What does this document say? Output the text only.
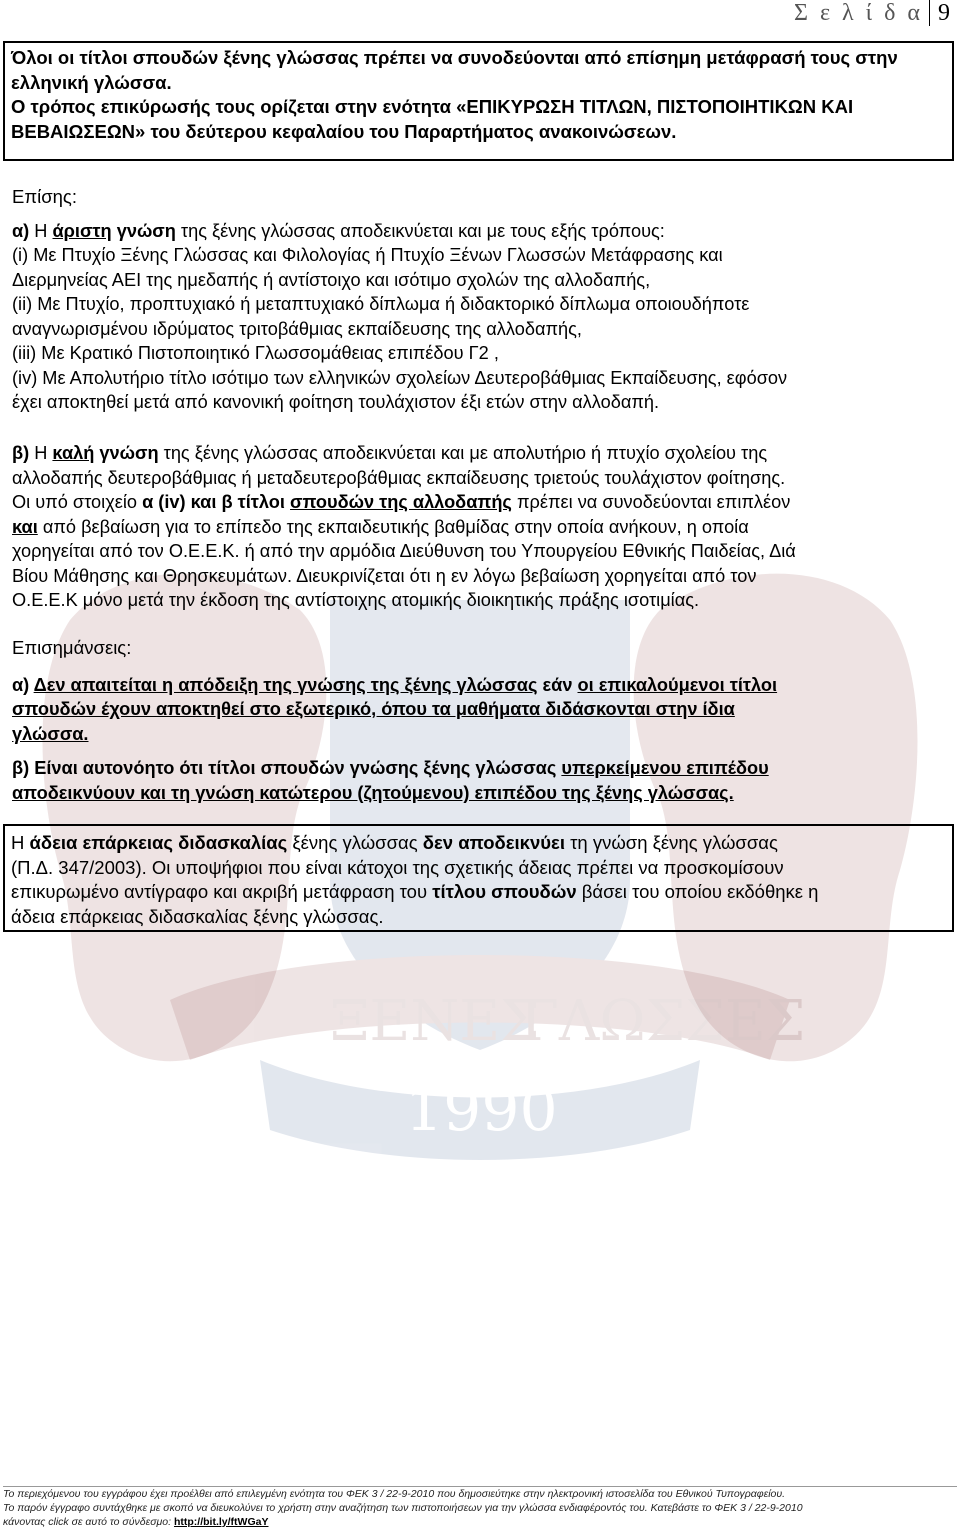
ΞΕΝΕΣ
ΓΛΩΣΣΕΣ
1990
Σ ε λ ί δ α 9

Όλοι οι τίτλοι σπουδών ξένης γλώσσας πρέπει να συνοδεύονται από επίσημη μετάφρασή τους στην ελληνική γλώσσα.

Ο τρόπος επικύρωσής τους ορίζεται στην ενότητα «ΕΠΙΚΥΡΩΣΗ ΤΙΤΛΩΝ, ΠΙΣΤΟΠΟΙΗΤΙΚΩΝ ΚΑΙ ΒΕΒΑΙΩΣΕΩΝ» του δεύτερου κεφαλαίου του Παραρτήματος ανακοινώσεων.

Επίσης:
α) Η άριστη γνώση της ξένης γλώσσας αποδεικνύεται και με τους εξής τρόπους:
(i) Με Πτυχίο Ξένης Γλώσσας και Φιλολογίας ή Πτυχίο Ξένων Γλωσσών Μετάφρασης και
Διερμηνείας ΑΕΙ της ημεδαπής ή αντίστοιχο και ισότιμο σχολών της αλλοδαπής,
(ii) Με Πτυχίο, προπτυχιακό ή μεταπτυχιακό δίπλωμα ή διδακτορικό δίπλωμα οποιουδήποτε
αναγνωρισμένου ιδρύματος τριτοβάθμιας εκπαίδευσης της αλλοδαπής,
(iii) Με Κρατικό Πιστοποιητικό Γλωσσομάθειας επιπέδου Γ2 ,
(iv) Με Απολυτήριο τίτλο ισότιμο των ελληνικών σχολείων Δευτεροβάθμιας Εκπαίδευσης, εφόσον
έχει αποκτηθεί μετά από κανονική φοίτηση τουλάχιστον έξι ετών στην αλλοδαπή.
β) Η καλή γνώση της ξένης γλώσσας αποδεικνύεται και με απολυτήριο ή πτυχίο σχολείου της
αλλοδαπής δευτεροβάθμιας ή μεταδευτεροβάθμιας εκπαίδευσης τριετούς τουλάχιστον φοίτησης.
Οι υπό στοιχείο α (iv) και β τίτλοι σπουδών της αλλοδαπής πρέπει να συνοδεύονται επιπλέον
και από βεβαίωση για το επίπεδο της εκπαιδευτικής βαθμίδας στην οποία ανήκουν, η οποία
χορηγείται από τον Ο.Ε.Ε.Κ. ή από την αρμόδια Διεύθυνση του Υπουργείου Εθνικής Παιδείας, Διά
Βίου Μάθησης και Θρησκευμάτων. Διευκρινίζεται ότι η εν λόγω βεβαίωση χορηγείται από τον
Ο.Ε.Ε.Κ μόνο μετά την έκδοση της αντίστοιχης ατομικής διοικητικής πράξης ισοτιμίας.
Επισημάνσεις:
α) Δεν απαιτείται η απόδειξη της γνώσης της ξένης γλώσσας εάν οι επικαλούμενοι τίτλοι
σπουδών έχουν αποκτηθεί στο εξωτερικό, όπου τα μαθήματα διδάσκονται στην ίδια
γλώσσα.
β) Είναι αυτονόητο ότι τίτλοι σπουδών γνώσης ξένης γλώσσας υπερκείμενου επιπέδου
αποδεικνύουν και τη γνώση κατώτερου (ζητούμενου) επιπέδου της ξένης γλώσσας.
Η άδεια επάρκειας διδασκαλίας ξένης γλώσσας δεν αποδεικνύει τη γνώση ξένης γλώσσας
(Π.Δ. 347/2003). Οι υποψήφιοι που είναι κάτοχοι της σχετικής άδειας πρέπει να προσκομίσουν
επικυρωμένο αντίγραφο και ακριβή μετάφραση του τίτλου σπουδών βάσει του οποίου εκδόθηκε η
άδεια επάρκειας διδασκαλίας ξένης γλώσσας.
Το περιεχόμενου του εγγράφου έχει προέλθει από επιλεγμένη ενότητα του ΦΕΚ 3 / 22-9-2010 που δημοσιεύτηκε στην ηλεκτρονική ιστοσελίδα του Εθνικού Τυπογραφείου.
Το παρόν έγγραφο συντάχθηκε με σκοπό να διευκολύνει το χρήστη στην αναζήτηση των πιστοποιήσεων για την γλώσσα ενδιαφέροντός του. Κατεβάστε το ΦΕΚ 3 / 22-9-2010
κάνοντας click σε αυτό το σύνδεσμο: http://bit.ly/ftWGaY
